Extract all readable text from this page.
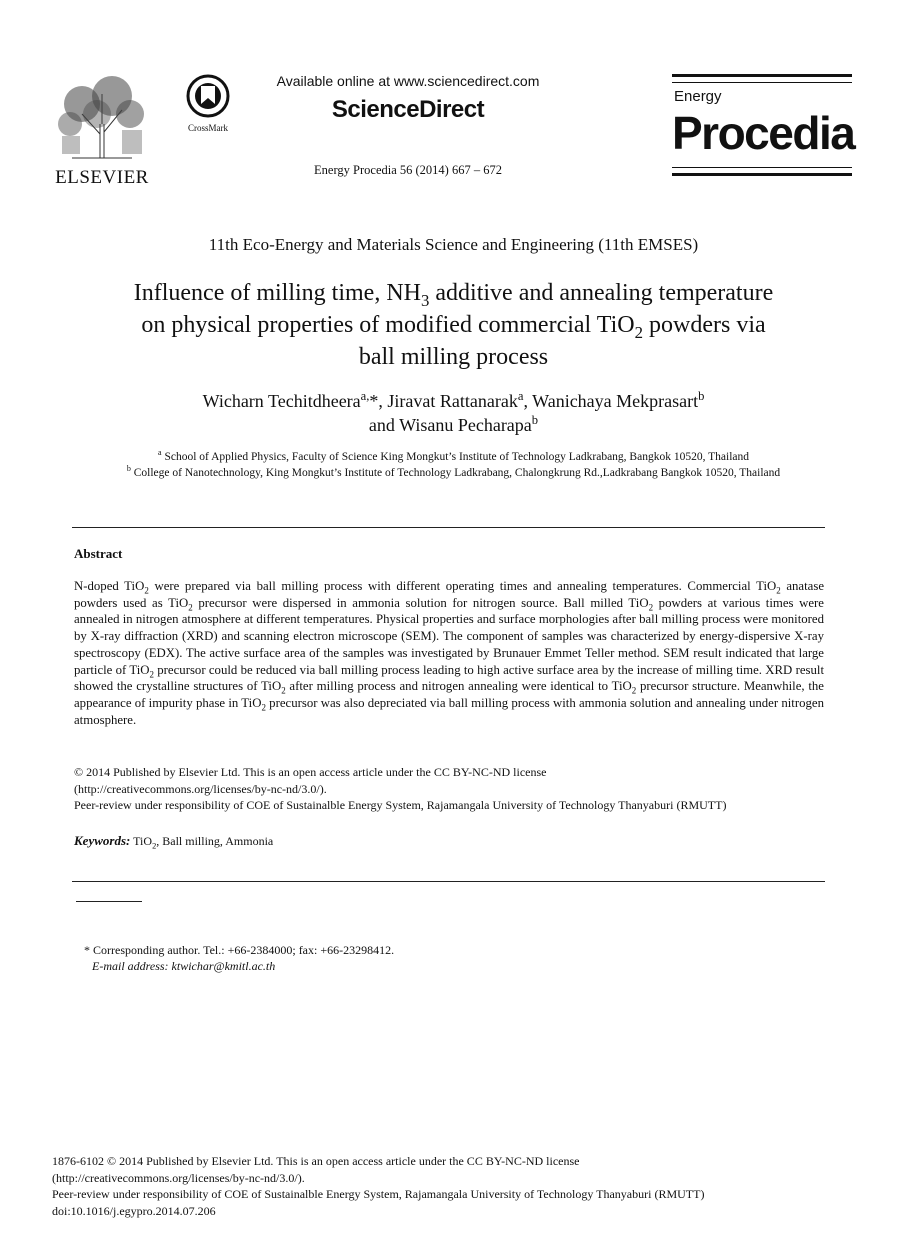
ELSEVIER
CrossMark
Available online at www.sciencedirect.com
ScienceDirect
Energy Procedia 56 (2014) 667 – 672
Energy
Procedia
11th Eco-Energy and Materials Science and Engineering (11th EMSES)
Influence of milling time, $NH_3$ additive and annealing temperature
on physical properties of modified commercial TiO$_2$ powders via
ball milling process
Wicharn Techitdheera$^{a,}$*, Jiravat Rattanarak$^a$, Wanichaya Mekprasart$^b$
and Wisanu Pecharapa$^b$
$^a$ School of Applied Physics, Faculty of Science King Mongkut’s Institute of Technology Ladkrabang, Bangkok 10520, Thailand
$^b$ College of Nanotechnology, King Mongkut’s Institute of Technology Ladkrabang, Chalongkrung Rd.,Ladkrabang Bangkok 10520, Thailand
Abstract
N-doped TiO$_2$ were prepared via ball milling process with different operating times and annealing temperatures. Commercial TiO$_2$ anatase powders used as TiO$_2$ precursor were dispersed in ammonia solution for nitrogen source. Ball milled TiO$_2$ powders at various times were annealed in nitrogen atmosphere at different temperatures. Physical properties and surface morphologies after ball milling process were monitored by X-ray diffraction (XRD) and scanning electron microscope (SEM). The component of samples was characterized by energy-dispersive X-ray spectroscopy (EDX). The active surface area of the samples was investigated by Brunauer Emmet Teller method. SEM result indicated that large particle of TiO$_2$ precursor could be reduced via ball milling process leading to high active surface area by the increase of milling time. XRD result showed the crystalline structures of TiO$_2$ after milling process and nitrogen annealing were identical to TiO$_2$ precursor structure. Meanwhile, the appearance of impurity phase in TiO$_2$ precursor was also depreciated via ball milling process with ammonia solution and annealing under nitrogen atmosphere.
© 2014 Published by Elsevier Ltd. This is an open access article under the CC BY-NC-ND license
(http://creativecommons.org/licenses/by-nc-nd/3.0/).
Peer-review under responsibility of COE of Sustainalble Energy System, Rajamangala University of Technology Thanyaburi (RMUTT)
Keywords: TiO$_2$, Ball milling, Ammonia
* Corresponding author. Tel.: +66-2384000; fax: +66-23298412.
E-mail address: ktwichar@kmitl.ac.th
1876-6102 © 2014 Published by Elsevier Ltd. This is an open access article under the CC BY-NC-ND license
(http://creativecommons.org/licenses/by-nc-nd/3.0/).
Peer-review under responsibility of COE of Sustainalble Energy System, Rajamangala University of Technology Thanyaburi (RMUTT)
doi:10.1016/j.egypro.2014.07.206
